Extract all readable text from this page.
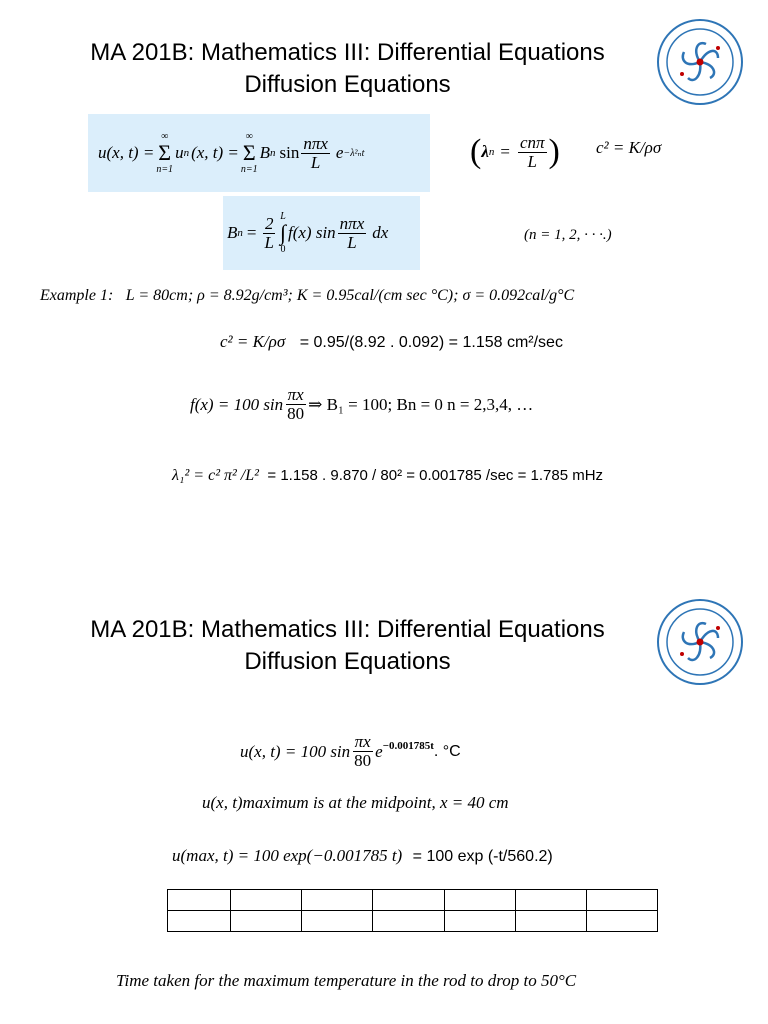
MA 201B: Mathematics III: Differential Equations
Diffusion Equations
u(x, t) =
∞
Σ
n=1
u n (x, t) =
∞
Σ
n=1
B n $\sin \frac{\text{nπx}}{L}$ e −λ²ₙt	( λ $n = \frac{\text{cnπ}}{L}$ ) c² = K/ρσ
B $n = \frac{2}{L}$ L
∫
0
f(x) $\sin \frac{\text{nπx}}{L}$ dx	(n = 1, 2, · · ·.)
Example 1: L = 80cm; ρ = 8.92g/cm³; K = 0.95cal/(cm sec °C); σ = 0.092cal/g°C
c² = K/ρσ = 0.95/(8.92 . 0.092) = 1.158 cm²/sec
f(x) = 100 $\sin \frac{\pi x}{80}$ ⇒ B₁ = 100; Bn = 0 n = 2,3,4, …
λ₁² = c² π² /L² = 1.158 . 9.870 / 80² = 0.001785 /sec = 1.785 mHz
MA 201B: Mathematics III: Differential Equations
Diffusion Equations
u(x, t) = 100 $\sin \frac{\pi x}{80} e^{-0.001785t}$ . °C
u(x, t)maximum is at the midpoint, x = 40 cm
u(max, t) = 100 exp(−0.001785 t) = 100 exp (-t/560.2)

Time taken for the maximum temperature in the rod to drop to 50°C
